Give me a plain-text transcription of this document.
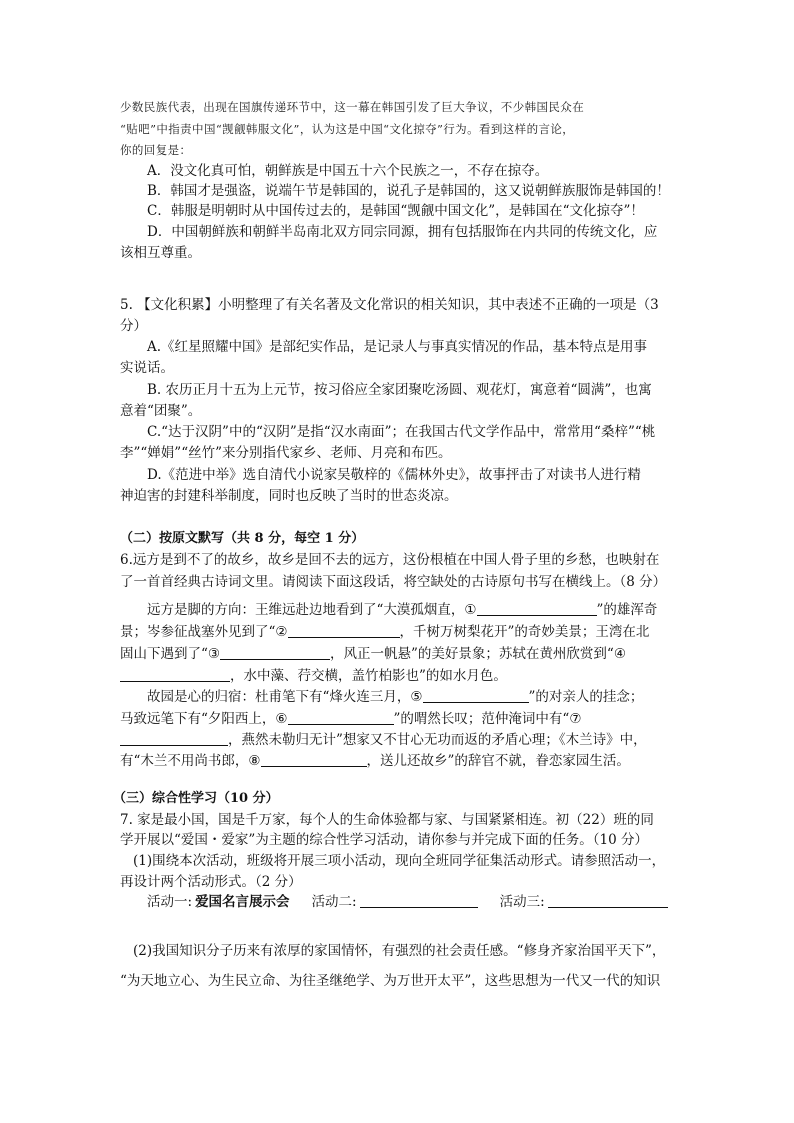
少数民族代表，出现在国旗传递环节中，这一幕在韩国引发了巨大争议，不少韩国民众在
“贴吧”中指责中国“觊觎韩服文化”，认为这是中国“文化掠夺”行为。看到这样的言论，
你的回复是：
A．没文化真可怕，朝鲜族是中国五十六个民族之一，不存在掠夺。
B．韩国才是强盗，说端午节是韩国的，说孔子是韩国的，这又说朝鲜族服饰是韩国的！
C．韩服是明朝时从中国传过去的，是韩国“觊觎中国文化”，是韩国在“文化掠夺”！
D．中国朝鲜族和朝鲜半岛南北双方同宗同源，拥有包括服饰在内共同的传统文化，应
该相互尊重。
5. 【文化积累】小明整理了有关名著及文化常识的相关知识，其中表述不正确的一项是（3
分）
A.《红星照耀中国》是部纪实作品，是记录人与事真实情况的作品，基本特点是用事
实说话。
B. 农历正月十五为上元节，按习俗应全家团聚吃汤圆、观花灯，寓意着“圆满”，也寓
意着“团聚”。
C.“达于汉阴”中的“汉阴”是指“汉水南面”；在我国古代文学作品中，常常用“桑梓”“桃
李”“婵娟”“丝竹”来分别指代家乡、老师、月亮和布匹。
D.《范进中举》选自清代小说家吴敬梓的《儒林外史》，故事抨击了对读书人进行精
神迫害的封建科举制度，同时也反映了当时的世态炎凉。
（二）按原文默写（共 8 分，每空 1 分）
6.远方是到不了的故乡，故乡是回不去的远方，这份根植在中国人骨子里的乡愁，也映射在
了一首首经典古诗词文里。请阅读下面这段话，将空缺处的古诗原句书写在横线上。（8 分）
远方是脚的方向：王维远赴边地看到了“大漠孤烟直，①	”的雄浑奇
景；岑参征战塞外见到了“②	，千树万树梨花开”的奇妙美景；王湾在北
固山下遇到了“③	，风正一帆悬”的美好景象；苏轼在黄州欣赏到“④
，水中藻、荇交横，盖竹柏影也”的如水月色。
故园是心的归宿：杜甫笔下有“烽火连三月，⑤	”的对亲人的挂念；
马致远笔下有“夕阳西上，⑥	”的喟然长叹；范仲淹词中有“⑦
，燕然未勒归无计”想家又不甘心无功而返的矛盾心理；《木兰诗》中，
有“木兰不用尚书郎，⑧	，送儿还故乡”的辞官不就，眷恋家园生活。
（三）综合性学习（10 分）
7. 家是最小国，国是千万家，每个人的生命体验都与家、与国紧紧相连。初（22）班的同
学开展以“爱国・爱家”为主题的综合性学习活动，请你参与并完成下面的任务。（10 分）
(1)围绕本次活动，班级将开展三项小活动，现向全班同学征集活动形式。请参照活动一，
再设计两个活动形式。（2 分）
活动一: 爱国名言展示会 活动二:	活动三:
(2)我国知识分子历来有浓厚的家国情怀，有强烈的社会责任感。“修身齐家治国平天下”，
“为天地立心、为生民立命、为往圣继绝学、为万世开太平”，这些思想为一代又一代的知识
